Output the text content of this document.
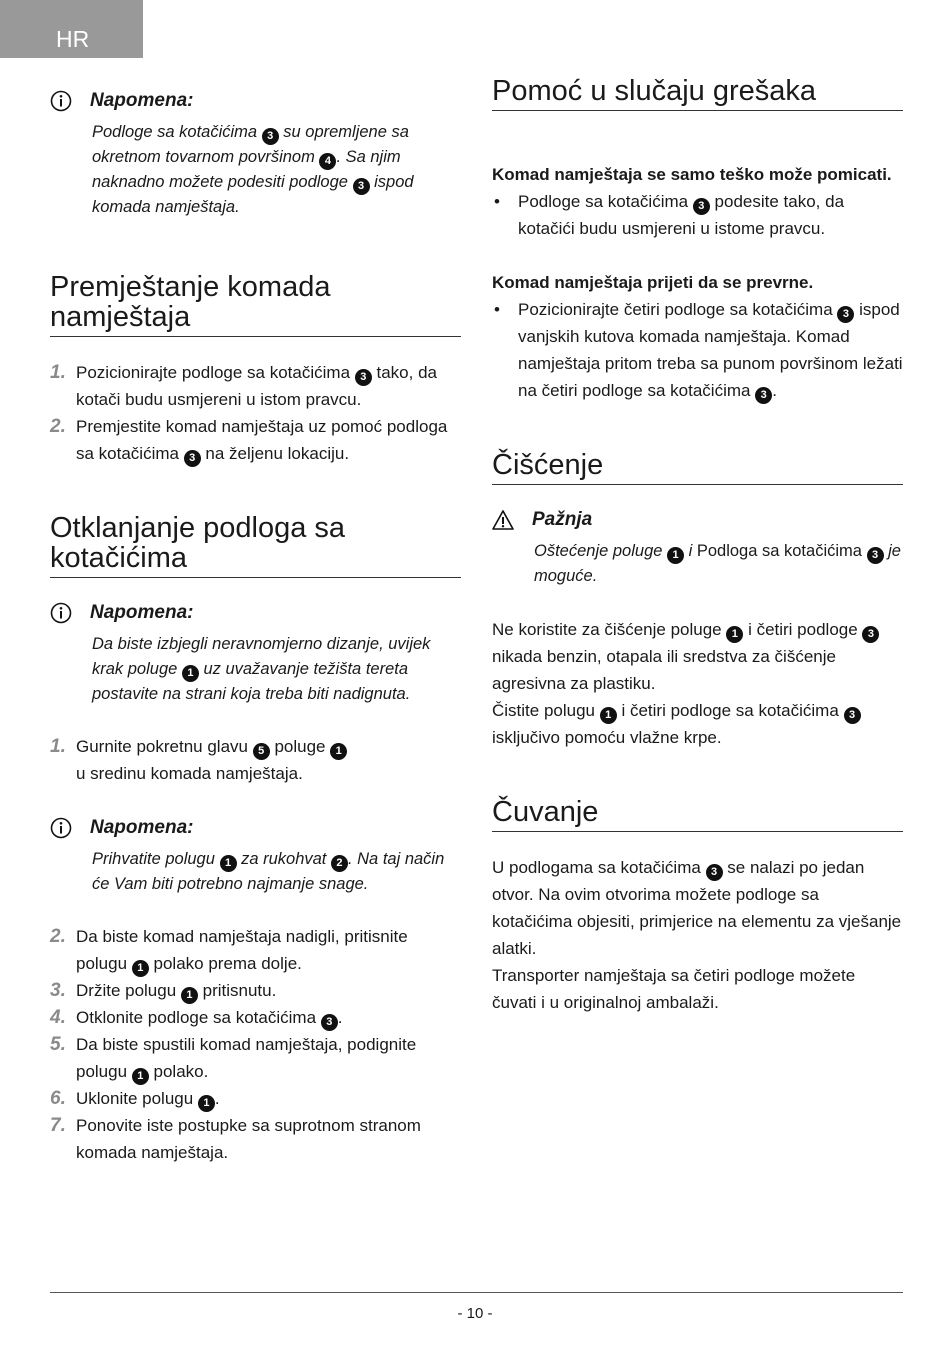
HR
Napomena:
Podloge sa kotačićima 3 su opremljene sa okretnom tovarnom površinom 4 . Sa njim naknadno možete podesiti podloge 3 ispod komada namještaja.
Premještanje komada namještaja
1. Pozicionirajte podloge sa kotačićima 3 tako, da kotači budu usmjereni u istom pravcu.
2. Premjestite komad namještaja uz pomoć podloga sa kotačićima 3 na željenu lokaciju.
Otklanjanje podloga sa kotačićima
Napomena:
Da biste izbjegli neravnomjerno dizanje, uvijek krak poluge 1 uz uvažavanje težišta tereta postavite na strani koja treba biti nadignuta.
1. Gurnite pokretnu glavu 5 poluge 1
u sredinu komada namještaja.
Napomena:
Prihvatite polugu 1 za rukohvat 2 . Na taj način će Vam biti potrebno najmanje snage.
2. Da biste komad namještaja nadigli, pritisnite polugu 1 polako prema dolje.
3. Držite polugu 1 pritisnutu.
4. Otklonite podloge sa kotačićima 3 .
5. Da biste spustili komad namještaja, podignite polugu 1 polako.
6. Uklonite polugu 1 .
7. Ponovite iste postupke sa suprotnom stranom komada namještaja.
Pomoć u slučaju grešaka
Komad namještaja se samo teško može pomicati.
•	Podloge sa kotačićima 3 podesite tako, da kotačići budu usmjereni u istome pravcu.
Komad namještaja prijeti da se prevrne.
•	Pozicionirajte četiri podloge sa kotačićima 3 ispod vanjskih kutova komada namještaja. Komad namještaja pritom treba sa punom površinom ležati na četiri podloge sa kotačićima 3 .
Čišćenje
Pažnja
Oštećenje poluge 1 i Podloga sa kotačićima 3 je moguće.
Ne koristite za čišćenje poluge 1 i četiri podloge 3 nikada benzin, otapala ili sredstva za čišćenje agresivna za plastiku.
Čistite polugu 1 i četiri podloge sa kotačićima 3 isključivo pomoću vlažne krpe.
Čuvanje
U podlogama sa kotačićima 3 se nalazi po jedan otvor. Na ovim otvorima možete podloge sa kotačićima objesiti, primjerice na elementu za vješanje alatki.
Transporter namještaja sa četiri podloge možete čuvati i u originalnoj ambalaži.
- 10 -
